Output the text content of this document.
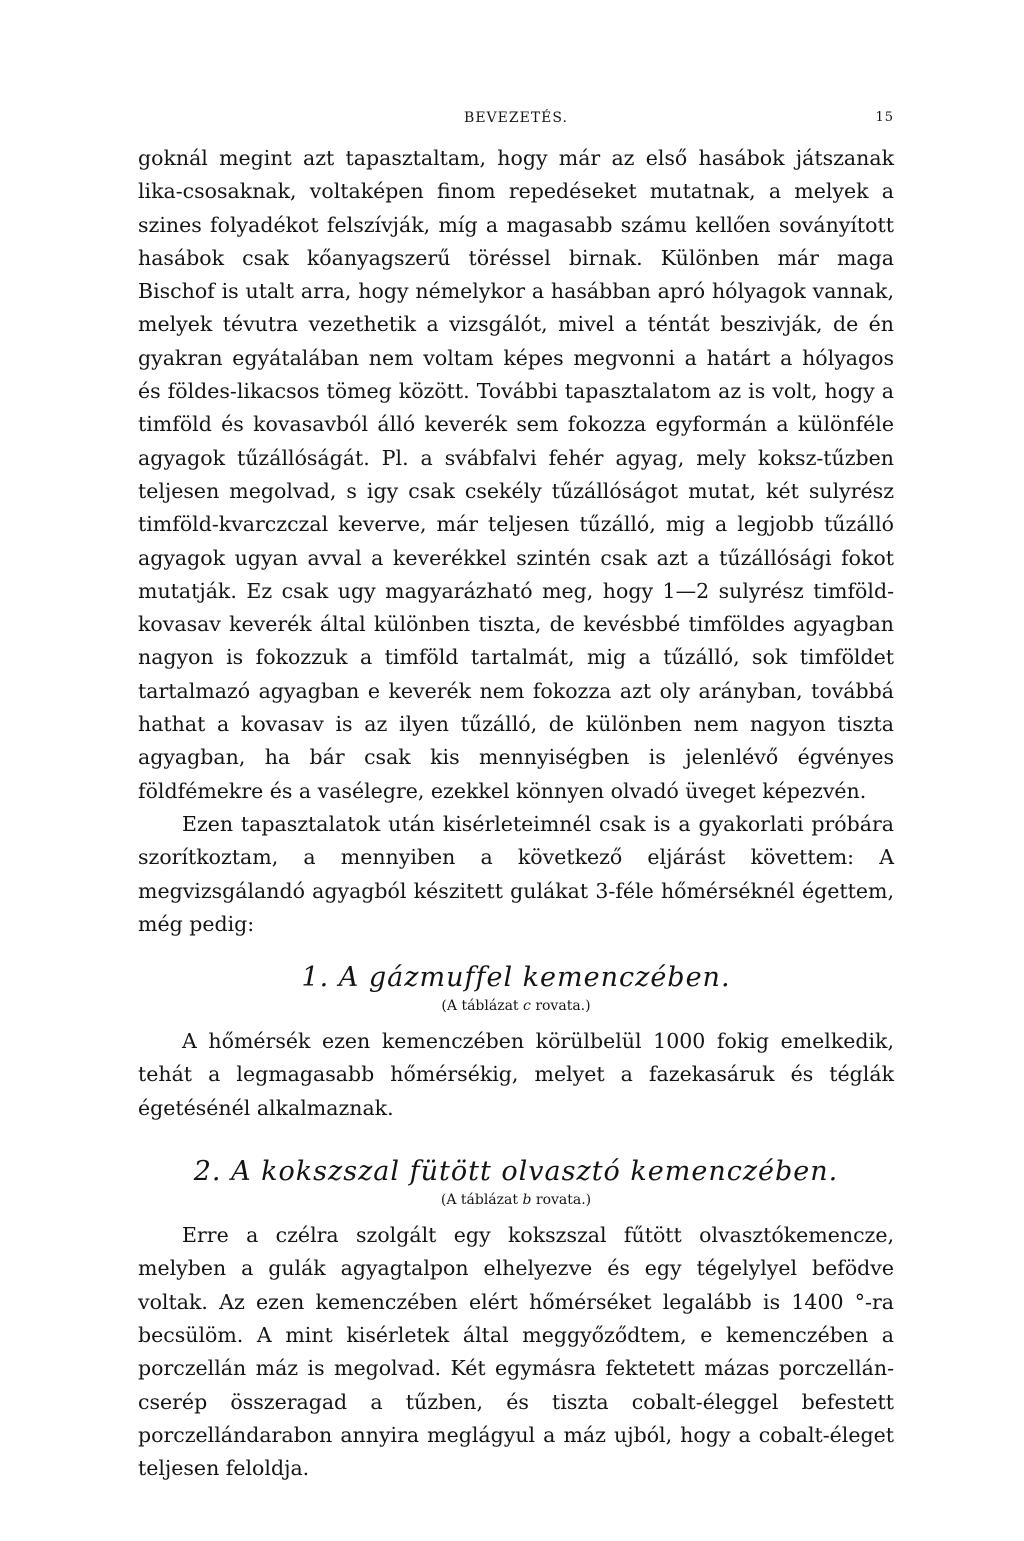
BEVEZETÉS.	15

goknál megint azt tapasztaltam, hogy már az első hasábok játszanak lika-csosaknak, voltaképen finom repedéseket mutatnak, a melyek a szines folyadékot felszívják, míg a magasabb számu kellően soványított hasábok csak kőanyagszerű töréssel birnak. Különben már maga Bischof is utalt arra, hogy némelykor a hasábban apró hólyagok vannak, melyek tévutra vezethetik a vizsgálót, mivel a téntát beszivják, de én gyakran egyátalában nem voltam képes megvonni a határt a hólyagos és földes-likacsos tömeg között. További tapasztalatom az is volt, hogy a timföld és kovasavból álló keverék sem fokozza egyformán a különféle agyagok tűzállóságát. Pl. a svábfalvi fehér agyag, mely koksz-tűzben teljesen megolvad, s igy csak csekély tűzállóságot mutat, két sulyrész timföld-kvarczczal keverve, már teljesen tűzálló, mig a legjobb tűzálló agyagok ugyan avval a keverékkel szintén csak azt a tűzállósági fokot mutatják. Ez csak ugy magyarázható meg, hogy 1—2 sulyrész timföld-kovasav keverék által különben tiszta, de kevésbbé timföldes agyagban nagyon is fokozzuk a timföld tartalmát, mig a tűzálló, sok timföldet tartalmazó agyagban e keverék nem fokozza azt oly arányban, továbbá hathat a kovasav is az ilyen tűzálló, de különben nem nagyon tiszta agyagban, ha bár csak kis mennyiségben is jelenlévő égvényes földfémekre és a vasélegre, ezekkel könnyen olvadó üveget képezvén.

Ezen tapasztalatok után kisérleteimnél csak is a gyakorlati próbára szorítkoztam, a mennyiben a következő eljárást követtem: A megvizsgálandó agyagból készitett gulákat 3-féle hőmérséknél égettem, még pedig:

1. A gázmuffel kemenczében.

(A táblázat c rovata.)

A hőmérsék ezen kemenczében körülbelül 1000 fokig emelkedik, tehát a legmagasabb hőmérsékig, melyet a fazekasáruk és téglák égetésénél alkalmaznak.

2. A kokszszal fütött olvasztó kemenczében.

(A táblázat b rovata.)

Erre a czélra szolgált egy kokszszal fűtött olvasztókemencze, melyben a gulák agyagtalpon elhelyezve és egy tégelylyel befödve voltak. Az ezen kemenczében elért hőmérséket legalább is 1400 °-ra becsülöm. A mint kisérletek által meggyőződtem, e kemenczében a porczellán máz is megolvad. Két egymásra fektetett mázas porczellán-cserép összeragad a tűzben, és tiszta cobalt-éleggel befestett porczellándarabon annyira meglágyul a máz ujból, hogy a cobalt-éleget teljesen feloldja.
